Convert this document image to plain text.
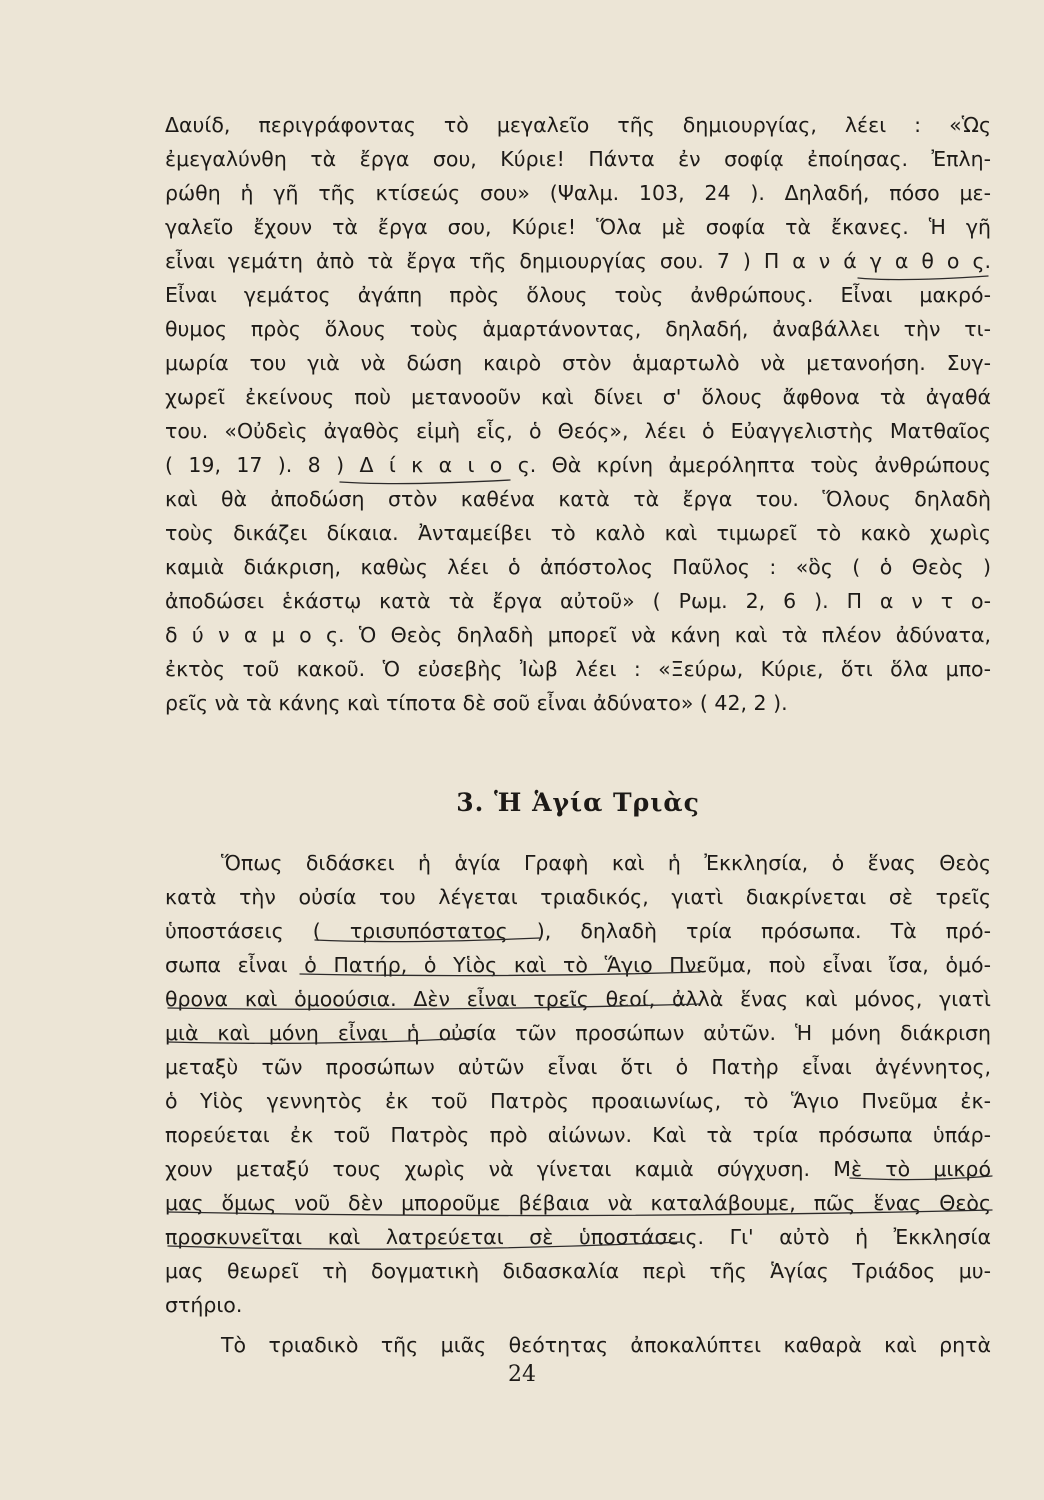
Δαυίδ, περιγράφοντας τὸ μεγαλεῖο τῆς δημιουργίας, λέει : «Ὡς
ἐμεγαλύνθη τὰ ἔργα σου, Κύριε! Πάντα ἐν σοφίᾳ ἐποίησας. Ἐπλη-
ρώθη ἡ γῆ τῆς κτίσεώς σου» (Ψαλμ. 103, 24 ). Δηλαδή, πόσο με-
γαλεῖο ἔχουν τὰ ἔργα σου, Κύριε! Ὅλα μὲ σοφία τὰ ἔκανες. Ἡ γῆ
εἶναι γεμάτη ἀπὸ τὰ ἔργα τῆς δημιουργίας σου. 7 ) Π α ν ά γ α θ ο ς.
Εἶναι γεμάτος ἀγάπη πρὸς ὅλους τοὺς ἀνθρώπους. Εἶναι μακρό-
θυμος πρὸς ὅλους τοὺς ἁμαρτάνοντας, δηλαδή, ἀναβάλλει τὴν τι-
μωρία του γιὰ νὰ δώση καιρὸ στὸν ἁμαρτωλὸ νὰ μετανοήση. Συγ-
χωρεῖ ἐκείνους ποὺ μετανοοῦν καὶ δίνει σ' ὅλους ἄφθονα τὰ ἀγαθά
του. «Οὐδεὶς ἀγαθὸς εἰμὴ εἷς, ὁ Θεός», λέει ὁ Εὐαγγελιστὴς Ματθαῖος
( 19, 17 ). 8 ) Δ ί κ α ι ο ς. Θὰ κρίνη ἀμερόληπτα τοὺς ἀνθρώπους
καὶ θὰ ἀποδώση στὸν καθένα κατὰ τὰ ἔργα του. Ὅλους δηλαδὴ
τοὺς δικάζει δίκαια. Ἀνταμείβει τὸ καλὸ καὶ τιμωρεῖ τὸ κακὸ χωρὶς
καμιὰ διάκριση, καθὼς λέει ὁ ἀπόστολος Παῦλος : «ὃς ( ὁ Θεὸς )
ἀποδώσει ἑκάστῳ κατὰ τὰ ἔργα αὐτοῦ» ( Ρωμ. 2, 6 ). Π α ν τ ο-
δ ύ ν α μ ο ς. Ὁ Θεὸς δηλαδὴ μπορεῖ νὰ κάνη καὶ τὰ πλέον ἀδύνατα,
ἐκτὸς τοῦ κακοῦ. Ὁ εὐσεβὴς Ἰὼβ λέει : «Ξεύρω, Κύριε, ὅτι ὅλα μπο-
ρεῖς νὰ τὰ κάνης καὶ τίποτα δὲ σοῦ εἶναι ἀδύνατο» ( 42, 2 ).
3. Ἡ Ἁγία Τριὰς
Ὅπως διδάσκει ἡ ἁγία Γραφὴ καὶ ἡ Ἐκκλησία, ὁ ἕνας Θεὸς
κατὰ τὴν οὐσία του λέγεται τριαδικός, γιατὶ διακρίνεται σὲ τρεῖς
ὑποστάσεις ( τρισυπόστατος ), δηλαδὴ τρία πρόσωπα. Τὰ πρό-
σωπα εἶναι ὁ Πατήρ, ὁ Υἱὸς καὶ τὸ Ἅγιο Πνεῦμα, ποὺ εἶναι ἴσα, ὁμό-
θρονα καὶ ὁμοούσια. Δὲν εἶναι τρεῖς θεοί, ἀλλὰ ἕνας καὶ μόνος, γιατὶ
μιὰ καὶ μόνη εἶναι ἡ οὐσία τῶν προσώπων αὐτῶν. Ἡ μόνη διάκριση
μεταξὺ τῶν προσώπων αὐτῶν εἶναι ὅτι ὁ Πατὴρ εἶναι ἀγέννητος,
ὁ Υἱὸς γεννητὸς ἐκ τοῦ Πατρὸς προαιωνίως, τὸ Ἅγιο Πνεῦμα ἐκ-
πορεύεται ἐκ τοῦ Πατρὸς πρὸ αἰώνων. Καὶ τὰ τρία πρόσωπα ὑπάρ-
χουν μεταξύ τους χωρὶς νὰ γίνεται καμιὰ σύγχυση. Μὲ τὸ μικρό
μας ὅμως νοῦ δὲν μποροῦμε βέβαια νὰ καταλάβουμε, πῶς ἕνας Θεὸς
προσκυνεῖται καὶ λατρεύεται σὲ ὑποστάσεις. Γι' αὐτὸ ἡ Ἐκκλησία
μας θεωρεῖ τὴ δογματικὴ διδασκαλία περὶ τῆς Ἁγίας Τριάδος μυ-
στήριο.
Τὸ τριαδικὸ τῆς μιᾶς θεότητας ἀποκαλύπτει καθαρὰ καὶ ρητὰ
24
